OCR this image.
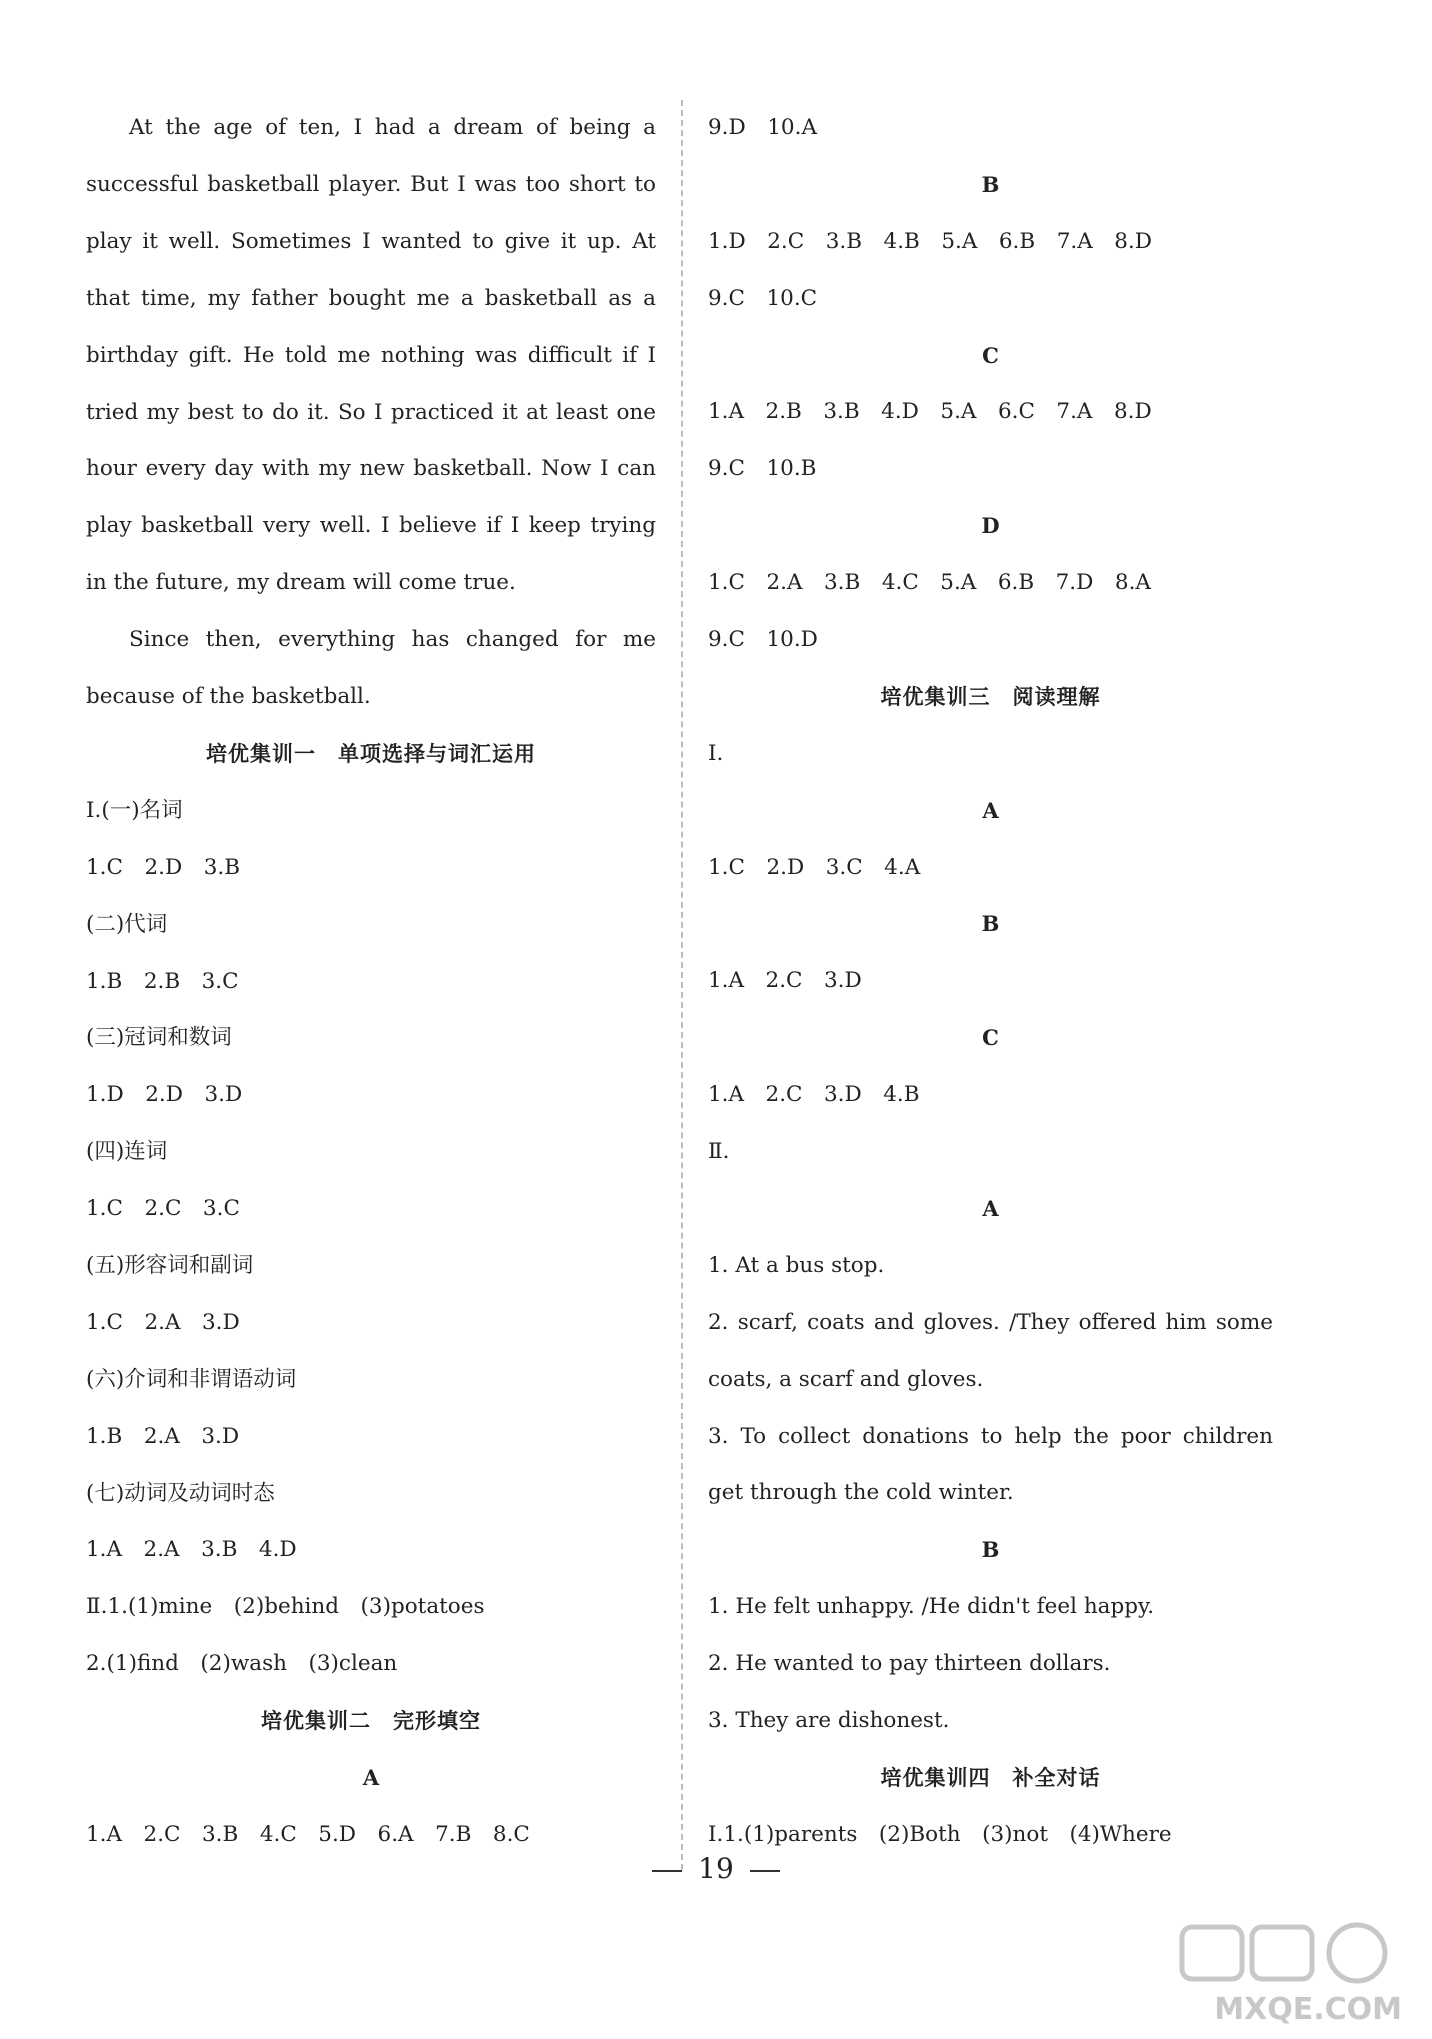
At the age of ten, I had a dream of being a successful basketball player. But I was too short to play it well. Sometimes I wanted to give it up. At that time, my father bought me a basketball as a birthday gift. He told me nothing was difficult if I tried my best to do it. So I practiced it at least one hour every day with my new basketball. Now I can play basketball very well. I believe if I keep trying in the future, my dream will come true.

Since then, everything has changed for me because of the basketball.

培优集训一　单项选择与词汇运用
Ⅰ.(一)名词
1.C　2.D　3.B
(二)代词
1.B　2.B　3.C
(三)冠词和数词
1.D　2.D　3.D
(四)连词
1.C　2.C　3.C
(五)形容词和副词
1.C　2.A　3.D
(六)介词和非谓语动词
1.B　2.A　3.D
(七)动词及动词时态
1.A　2.A　3.B　4.D
Ⅱ.1.(1)mine　(2)behind　(3)potatoes
2.(1)find　(2)wash　(3)clean
培优集训二　完形填空
A
1.A　2.C　3.B　4.C　5.D　6.A　7.B　8.C
9.D　10.A
B
1.D　2.C　3.B　4.B　5.A　6.B　7.A　8.D
9.C　10.C
C
1.A　2.B　3.B　4.D　5.A　6.C　7.A　8.D
9.C　10.B
D
1.C　2.A　3.B　4.C　5.A　6.B　7.D　8.A
9.C　10.D
培优集训三　阅读理解
Ⅰ.
A
1.C　2.D　3.C　4.A
B
1.A　2.C　3.D
C
1.A　2.C　3.D　4.B
Ⅱ.
A
1. At a bus stop.

2. scarf, coats and gloves. /They offered him some coats, a scarf and gloves.

3. To collect donations to help the poor children get through the cold winter.

B
1. He felt unhappy. /He didn't feel happy.
2. He wanted to pay thirteen dollars.
3. They are dishonest.
培优集训四　补全对话
Ⅰ.1.(1)parents　(2)Both　(3)not　(4)Where
19
MXQE.COM
